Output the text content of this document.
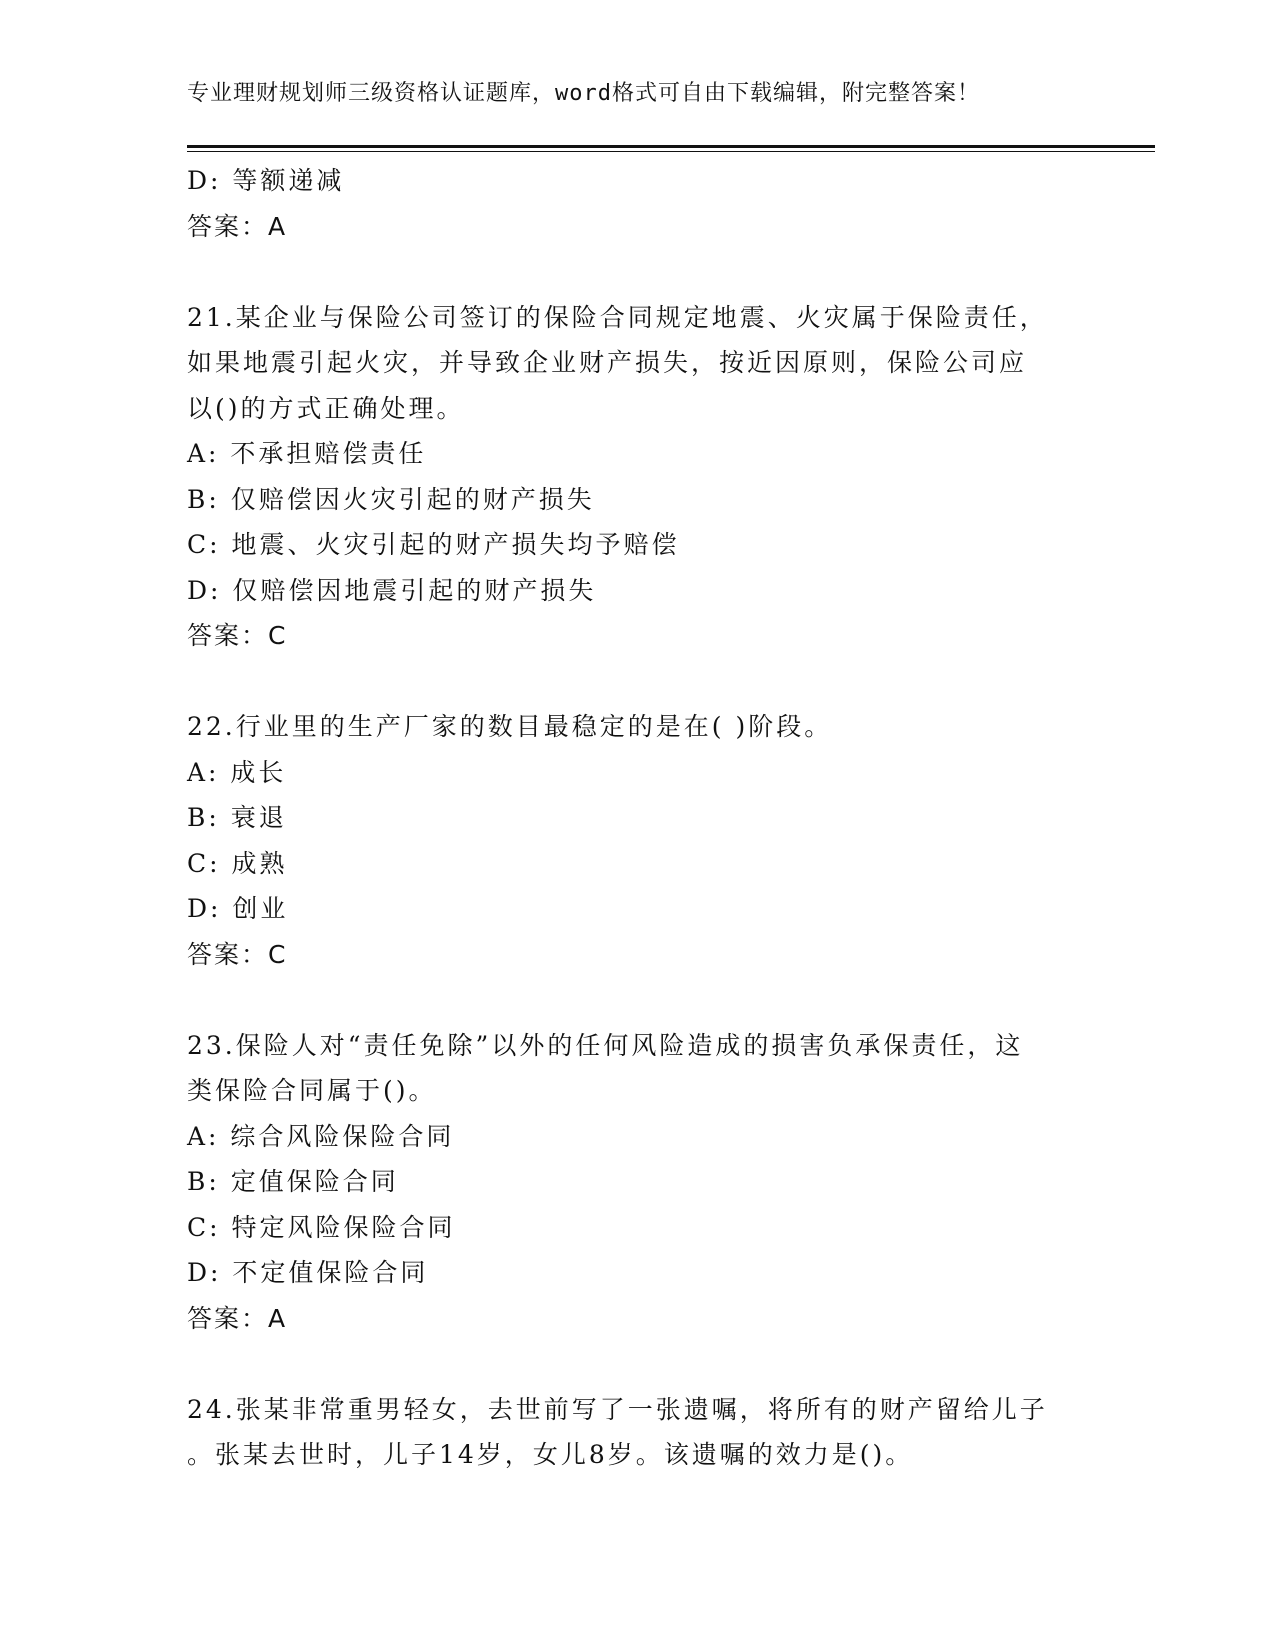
专业理财规划师三级资格认证题库，word格式可自由下载编辑，附完整答案！
D: 等额递减
答案：A
21.某企业与保险公司签订的保险合同规定地震、火灾属于保险责任，
如果地震引起火灾，并导致企业财产损失，按近因原则，保险公司应
以()的方式正确处理。
A: 不承担赔偿责任
B: 仅赔偿因火灾引起的财产损失
C: 地震、火灾引起的财产损失均予赔偿
D: 仅赔偿因地震引起的财产损失
答案：C
22.行业里的生产厂家的数目最稳定的是在( )阶段。
A: 成长
B: 衰退
C: 成熟
D: 创业
答案：C
23.保险人对“责任免除”以外的任何风险造成的损害负承保责任，这
类保险合同属于()。
A: 综合风险保险合同
B: 定值保险合同
C: 特定风险保险合同
D: 不定值保险合同
答案：A
24.张某非常重男轻女，去世前写了一张遗嘱，将所有的财产留给儿子
。张某去世时，儿子14岁，女儿8岁。该遗嘱的效力是()。
